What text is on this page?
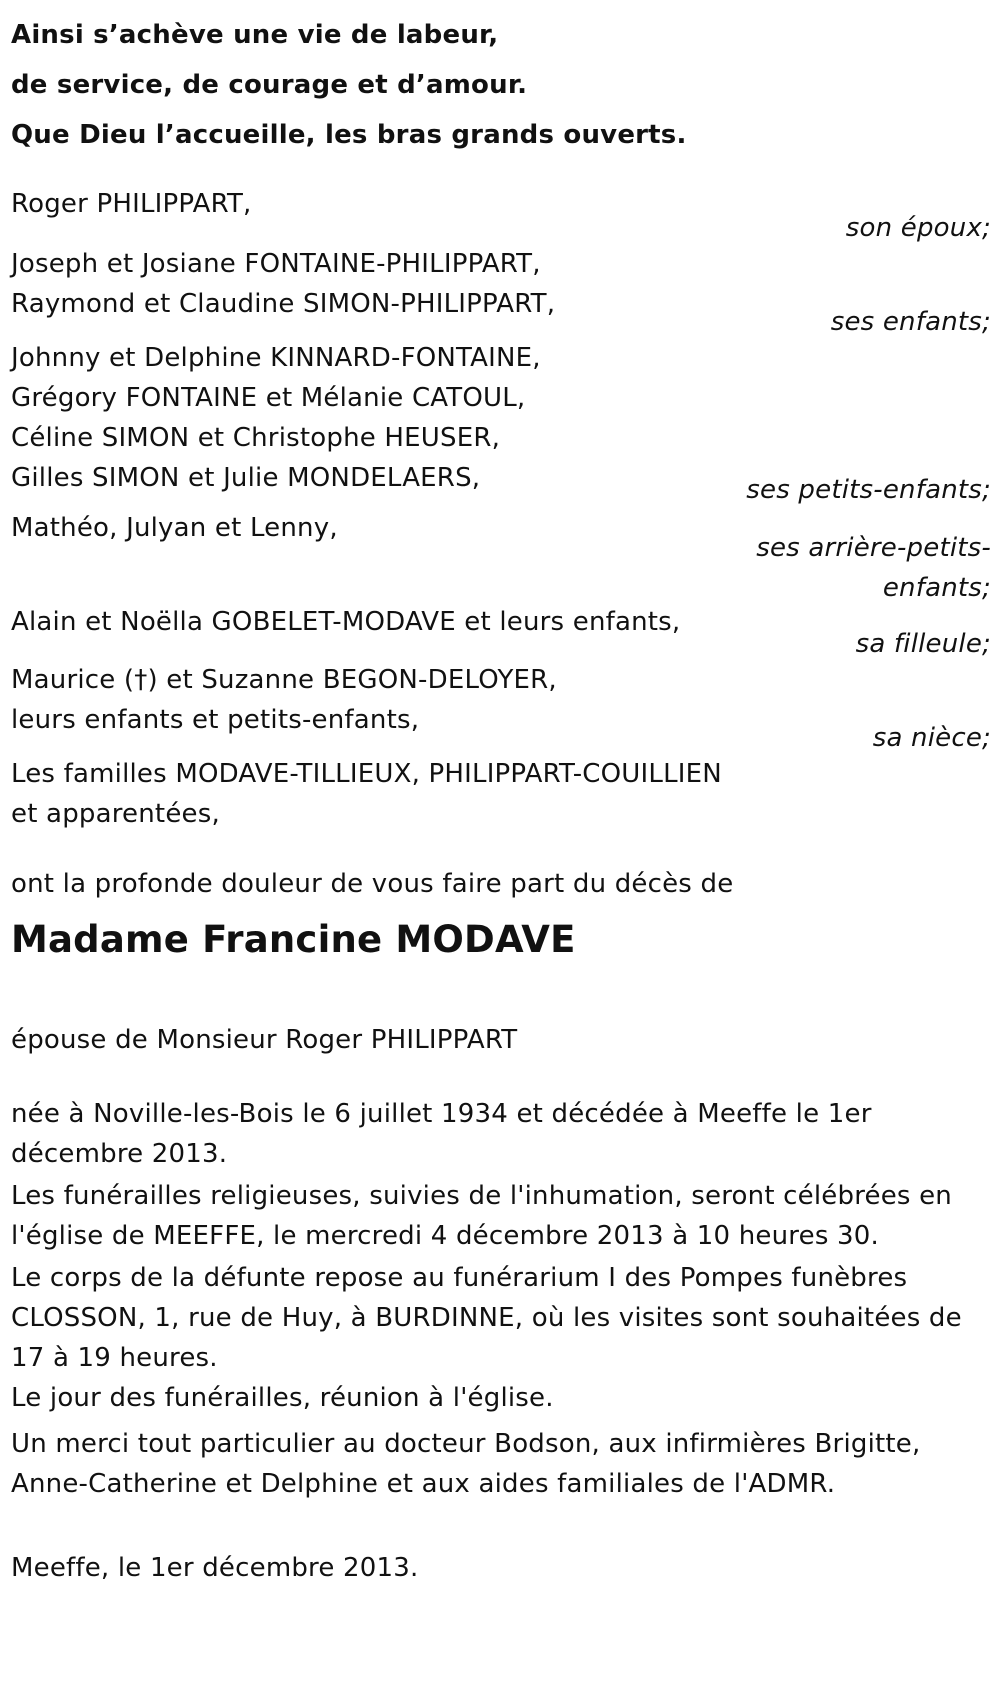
Ainsi s’achève une vie de labeur,
de service, de courage et d’amour.
Que Dieu l’accueille, les bras grands ouverts.
Roger PHILIPPART,
son époux;
Joseph et Josiane FONTAINE-PHILIPPART,
Raymond et Claudine SIMON-PHILIPPART,
ses enfants;
Johnny et Delphine KINNARD-FONTAINE,
Grégory FONTAINE et Mélanie CATOUL,
Céline SIMON et Christophe HEUSER,
Gilles SIMON et Julie MONDELAERS,	ses petits-enfants;
Mathéo, Julyan et Lenny,
ses arrière-petits-enfants;
Alain et Noëlla GOBELET-MODAVE et leurs enfants,
sa filleule;
Maurice (†) et Suzanne BEGON-DELOYER,
leurs enfants et petits-enfants,
sa nièce;
Les familles MODAVE-TILLIEUX, PHILIPPART-COUILLIEN
et apparentées,
ont la profonde douleur de vous faire part du décès de
Madame Francine MODAVE
épouse de Monsieur Roger PHILIPPART
née à Noville-les-Bois le 6 juillet 1934 et décédée à Meeffe le 1er décembre 2013.
Les funérailles religieuses, suivies de l'inhumation, seront célébrées en l'église de MEEFFE, le mercredi 4 décembre 2013 à 10 heures 30.
Le corps de la défunte repose au funérarium I des Pompes funèbres CLOSSON, 1, rue de Huy, à BURDINNE, où les visites sont souhaitées de 17 à 19 heures.
Le jour des funérailles, réunion à l'église.
Un merci tout particulier au docteur Bodson, aux infirmières Brigitte, Anne-Catherine et Delphine et aux aides familiales de l'ADMR.
Meeffe, le 1er décembre 2013.
